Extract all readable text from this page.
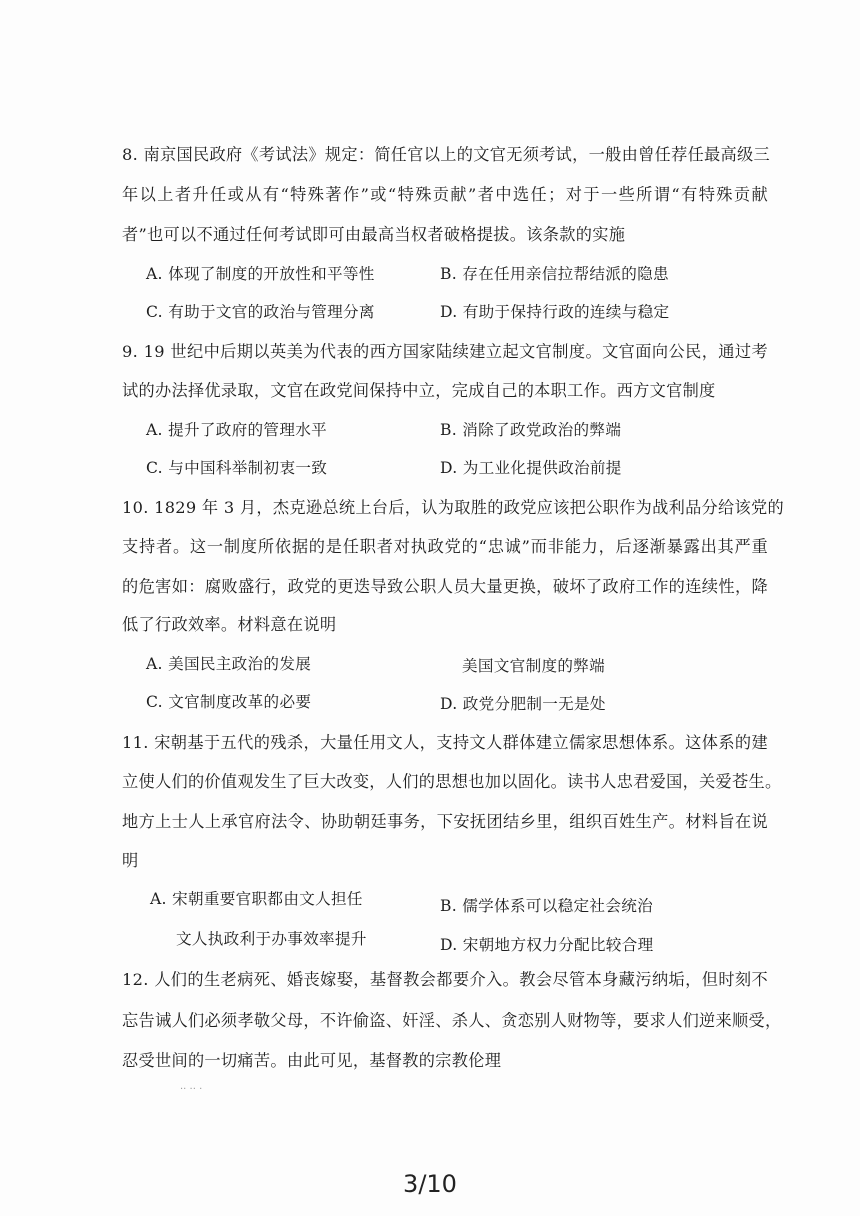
8. 南京国民政府《考试法》规定：简任官以上的文官无须考试，一般由曾任荐任最高级三
年以上者升任或从有“特殊著作”或“特殊贡献”者中选任；对于一些所谓“有特殊贡献
者”也可以不通过任何考试即可由最高当权者破格提拔。该条款的实施
A. 体现了制度的开放性和平等性	B. 存在任用亲信拉帮结派的隐患
C. 有助于文官的政治与管理分离	D. 有助于保持行政的连续与稳定
9. 19 世纪中后期以英美为代表的西方国家陆续建立起文官制度。文官面向公民，通过考
试的办法择优录取，文官在政党间保持中立，完成自己的本职工作。西方文官制度
A. 提升了政府的管理水平	B. 消除了政党政治的弊端
C. 与中国科举制初衷一致	D. 为工业化提供政治前提
10. 1829 年 3 月，杰克逊总统上台后，认为取胜的政党应该把公职作为战利品分给该党的
支持者。这一制度所依据的是任职者对执政党的“忠诚”而非能力，后逐渐暴露出其严重
的危害如：腐败盛行，政党的更迭导致公职人员大量更换，破坏了政府工作的连续性，降
低了行政效率。材料意在说明
A. 美国民主政治的发展	美国文官制度的弊端
C. 文官制度改革的必要	D. 政党分肥制一无是处
11. 宋朝基于五代的残杀，大量任用文人，支持文人群体建立儒家思想体系。这体系的建
立使人们的价值观发生了巨大改变，人们的思想也加以固化。读书人忠君爱国，关爱苍生。
地方上士人上承官府法令、协助朝廷事务，下安抚团结乡里，组织百姓生产。材料旨在说
明
A. 宋朝重要官职都由文人担任	B. 儒学体系可以稳定社会统治
文人执政利于办事效率提升	D. 宋朝地方权力分配比较合理
12. 人们的生老病死、婚丧嫁娶，基督教会都要介入。教会尽管本身藏污纳垢，但时刻不
忘告诫人们必须孝敬父母，不许偷盗、奸淫、杀人、贪恋别人财物等，要求人们逆来顺受，
忍受世间的一切痛苦。由此可见，基督教的宗教伦理
·· ·· ·
3/10
